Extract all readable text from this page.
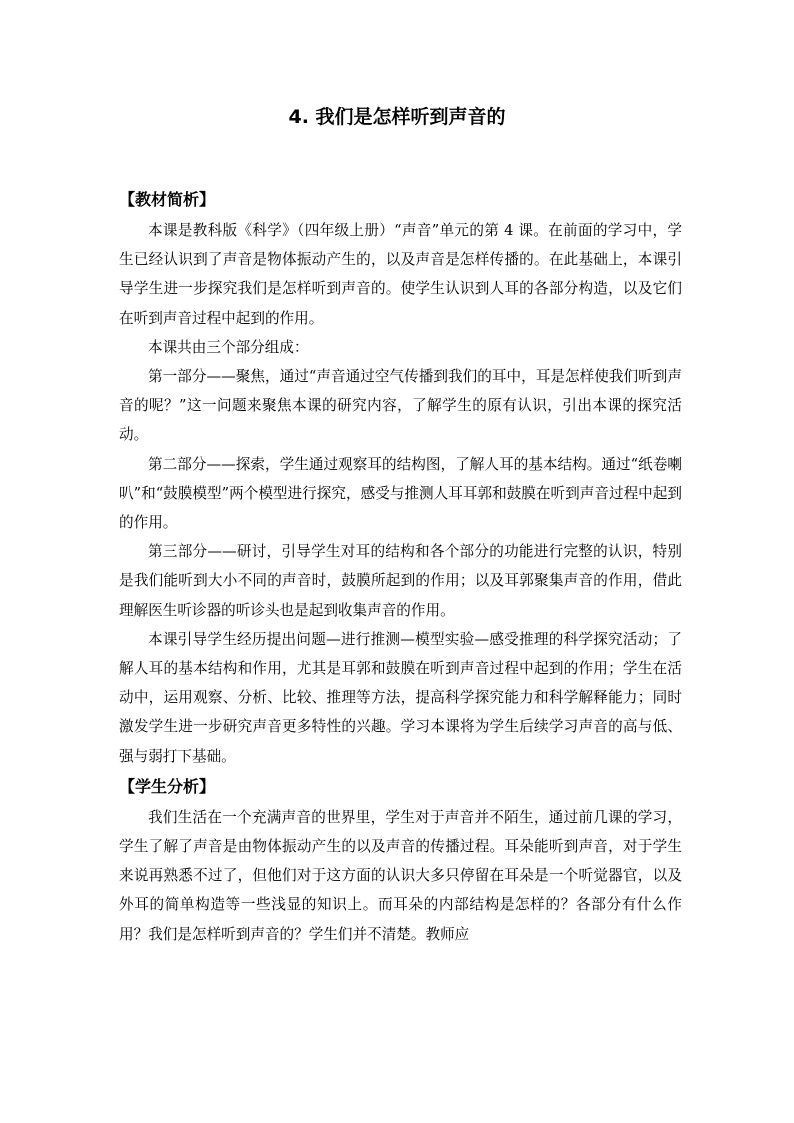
4. 我们是怎样听到声音的
【教材简析】

本课是教科版《科学》（四年级上册）“声音”单元的第 4 课。在前面的学习中，学生已经认识到了声音是物体振动产生的，以及声音是怎样传播的。在此基础上，本课引导学生进一步探究我们是怎样听到声音的。使学生认识到人耳的各部分构造，以及它们在听到声音过程中起到的作用。

本课共由三个部分组成：

第一部分——聚焦，通过“声音通过空气传播到我们的耳中，耳是怎样使我们听到声音的呢？”这一问题来聚焦本课的研究内容，了解学生的原有认识，引出本课的探究活动。

第二部分——探索，学生通过观察耳的结构图，了解人耳的基本结构。通过“纸卷喇叭”和“鼓膜模型”两个模型进行探究，感受与推测人耳耳郭和鼓膜在听到声音过程中起到的作用。

第三部分——研讨，引导学生对耳的结构和各个部分的功能进行完整的认识，特别是我们能听到大小不同的声音时，鼓膜所起到的作用；以及耳郭聚集声音的作用，借此理解医生听诊器的听诊头也是起到收集声音的作用。

本课引导学生经历提出问题—进行推测—模型实验—感受推理的科学探究活动；了解人耳的基本结构和作用，尤其是耳郭和鼓膜在听到声音过程中起到的作用；学生在活动中，运用观察、分析、比较、推理等方法，提高科学探究能力和科学解释能力；同时激发学生进一步研究声音更多特性的兴趣。学习本课将为学生后续学习声音的高与低、强与弱打下基础。

【学生分析】

我们生活在一个充满声音的世界里，学生对于声音并不陌生，通过前几课的学习，学生了解了声音是由物体振动产生的以及声音的传播过程。耳朵能听到声音，对于学生来说再熟悉不过了，但他们对于这方面的认识大多只停留在耳朵是一个听觉器官，以及外耳的简单构造等一些浅显的知识上。而耳朵的内部结构是怎样的？各部分有什么作用？我们是怎样听到声音的？学生们并不清楚。教师应
